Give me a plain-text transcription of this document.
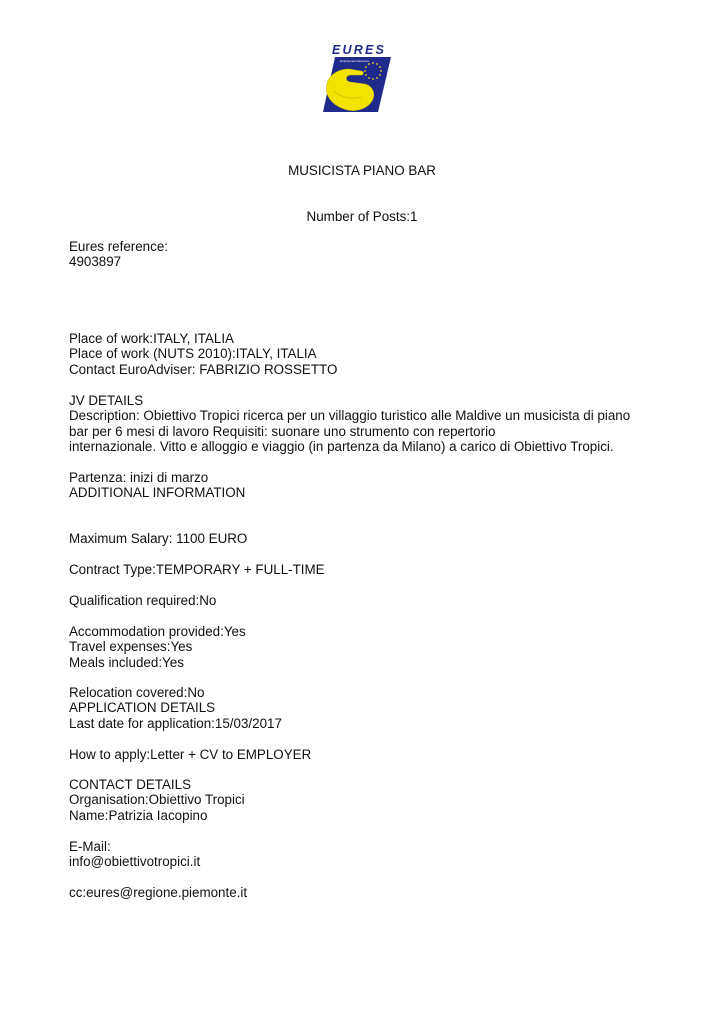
EURES
Employment Services
MUSICISTA PIANO BAR
Number of Posts:1
Eures reference:
4903897
Place of work:ITALY, ITALIA
Place of work (NUTS 2010):ITALY, ITALIA
Contact EuroAdviser: FABRIZIO ROSSETTO
JV DETAILS
Description: Obiettivo Tropici ricerca per un villaggio turistico alle Maldive un musicista di piano
bar per 6 mesi di lavoro Requisiti: suonare uno strumento con repertorio
internazionale. Vitto e alloggio e viaggio (in partenza da Milano) a carico di Obiettivo Tropici.
Partenza: inizi di marzo
ADDITIONAL INFORMATION
Maximum Salary: 1100 EURO
Contract Type:TEMPORARY + FULL-TIME
Qualification required:No
Accommodation provided:Yes
Travel expenses:Yes
Meals included:Yes
Relocation covered:No
APPLICATION DETAILS
Last date for application:15/03/2017
How to apply:Letter + CV to EMPLOYER
CONTACT DETAILS
Organisation:Obiettivo Tropici
Name:Patrizia Iacopino
E-Mail:
info@obiettivotropici.it
cc:eures@regione.piemonte.it
